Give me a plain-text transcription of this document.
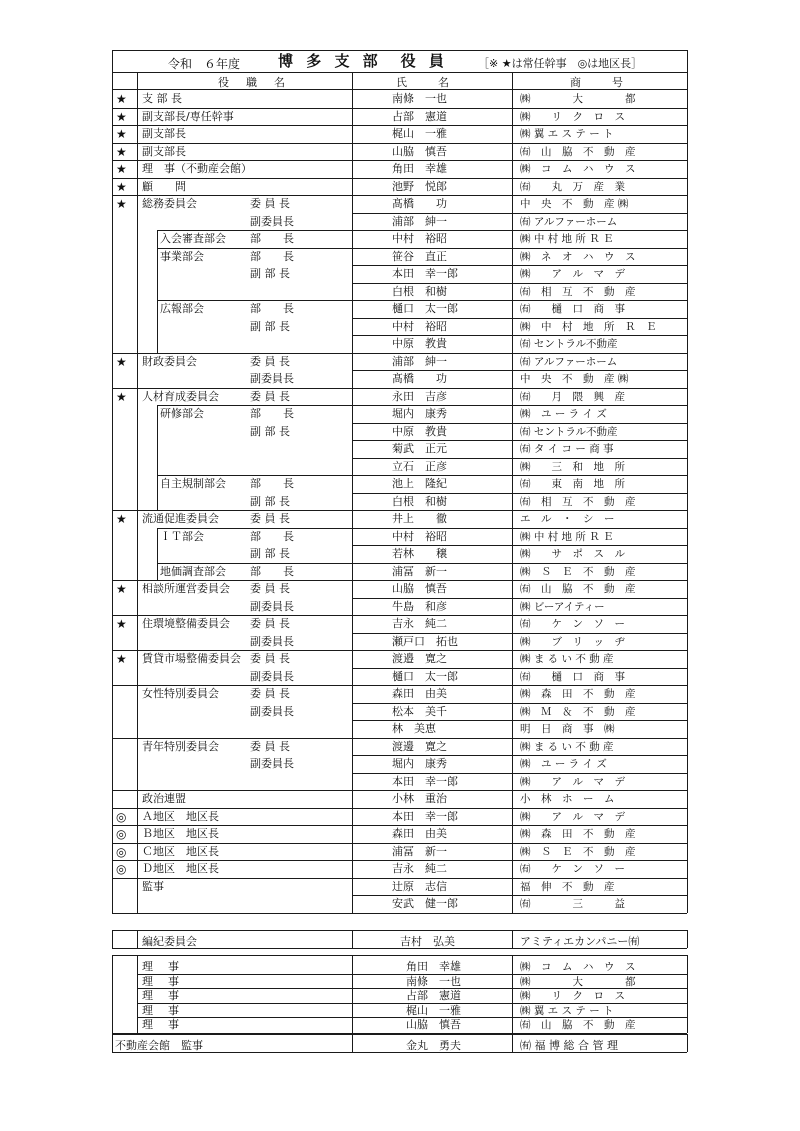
令和　６年度	博 多 支 部　役 員	［※ ★は常任幹事　◎は地区長］
役　職　名	氏　　名	商　　号
★ 支 部 長	南條　一也	㈱　　　　大　　　　都
★ 副支部長/専任幹事	占部　憲道	㈱　　リ　ク　ロ　ス
★ 副支部長	梶山　一雅	㈱ 翼 エ ス テ ー ト
★ 副支部長	山脇　慎吾	㈲　山　脇　不　動　産
★ 理　事（不動産会館）	角田　幸雄	㈱　コ　ム　ハ　ウ　ス
★ 顧　　問	池野　悦郎	㈲　　丸　万　産　業
★ 総務委員会	委 員 長	髙橋　　功	中　央　不　動　産 ㈱
副委員長	浦部　紳一	㈲ アルファーホーム
入会審査部会 部　　長	中村　裕昭	㈱ 中 村 地 所 Ｒ Ｅ
事業部会	部　　長	笹谷　直正	㈱　ネ　オ　ハ　ウ　ス
副 部 長	本田　幸一郎	㈱　　ア　ル　マ　デ
白根　和樹	㈲　相　互　不　動　産
広報部会	部　　長	樋口　太一郎	㈲　　樋　口　商　事
副 部 長	中村　裕昭	㈱　中　村　地　所　Ｒ　Ｅ
中原　教貴	㈲ セントラル不動産
★ 財政委員会	委 員 長	浦部　紳一	㈲ アルファーホーム
副委員長	髙橋　　功	中　央　不　動　産 ㈱
★ 人材育成委員会	委 員 長	永田　吉彦	㈲　　月　隈　興　産
研修部会	部　　長	堀内　康秀	㈱　ユ ー ラ イ ズ
副 部 長	中原　教貴	㈲ セントラル不動産
菊武　正元	㈲ タ イ コ ー 商 事
立石　正彦	㈱　　三　和　地　所
自主規制部会 部　　長	池上　隆紀	㈲　　東　南　地　所
副 部 長	白根　和樹	㈲　相　互　不　動　産
★ 流通促進委員会	委 員 長	井上　　徹	エ　ル　・　シ　ー
ＩＴ部会	部　　長	中村　裕昭	㈱ 中 村 地 所 Ｒ Ｅ
副 部 長	若林　　穣	㈱　　サ　ポ　ス　ル
地価調査部会 部　　長	浦冨　新一	㈱　Ｓ　Ｅ　不　動　産
★ 相談所運営委員会 委 員 長	山脇　慎吾	㈲　山　脇　不　動　産
副委員長	牛島　和彦	㈱ ビーアイティー
★ 住環境整備委員会 委 員 長	吉永　純二	㈲　　ケ　ン　ソ　ー
副委員長	瀬戸口　拓也	㈱　　ブ　リ　ッ　ヂ
★ 賃貸市場整備委員会 委 員 長	渡邉　寛之	㈱ ま る い 不 動 産
副委員長	樋口　太一郎	㈲　　樋　口　商　事
女性特別委員会	委 員 長	森田　由美	㈱　森　田　不　動　産
副委員長	松本　美千	㈱　Ｍ　＆　不　動　産
林　美恵	明　日　商　事　㈱
青年特別委員会	委 員 長	渡邊　寛之	㈱ ま る い 不 動 産
副委員長	堀内　康秀	㈱　ユ ー ラ イ ズ
本田　幸一郎	㈱　　ア　ル　マ　デ
政治連盟	小林　重治	小　林　ホ　ー　ム
◎ Ａ地区　地区長	本田　幸一郎	㈱　　ア　ル　マ　デ
◎ Ｂ地区　地区長	森田　由美	㈱　森　田　不　動　産
◎ Ｃ地区　地区長	浦冨　新一	㈱　Ｓ　Ｅ　不　動　産
◎ Ｄ地区　地区長	吉永　純二	㈲　　ケ　ン　ソ　ー
監事	辻原　志信	福　伸　不　動　産
安武　健一郎	㈲　　　　三　　　益
編紀委員会	吉村　弘美	アミティエカンパニー㈲
理　事	角田　幸雄	㈱　コ　ム　ハ　ウ　ス
理　事	南條　一也	㈱　　　　大　　　　都
理　事	占部　憲道	㈱　　リ　ク　ロ　ス
理　事	梶山　一雅	㈱ 翼 エ ス テ ー ト
理　事	山脇　慎吾	㈲　山　脇　不　動　産
不動産会館　監事	金丸　勇夫	㈲ 福 博 総 合 管 理
